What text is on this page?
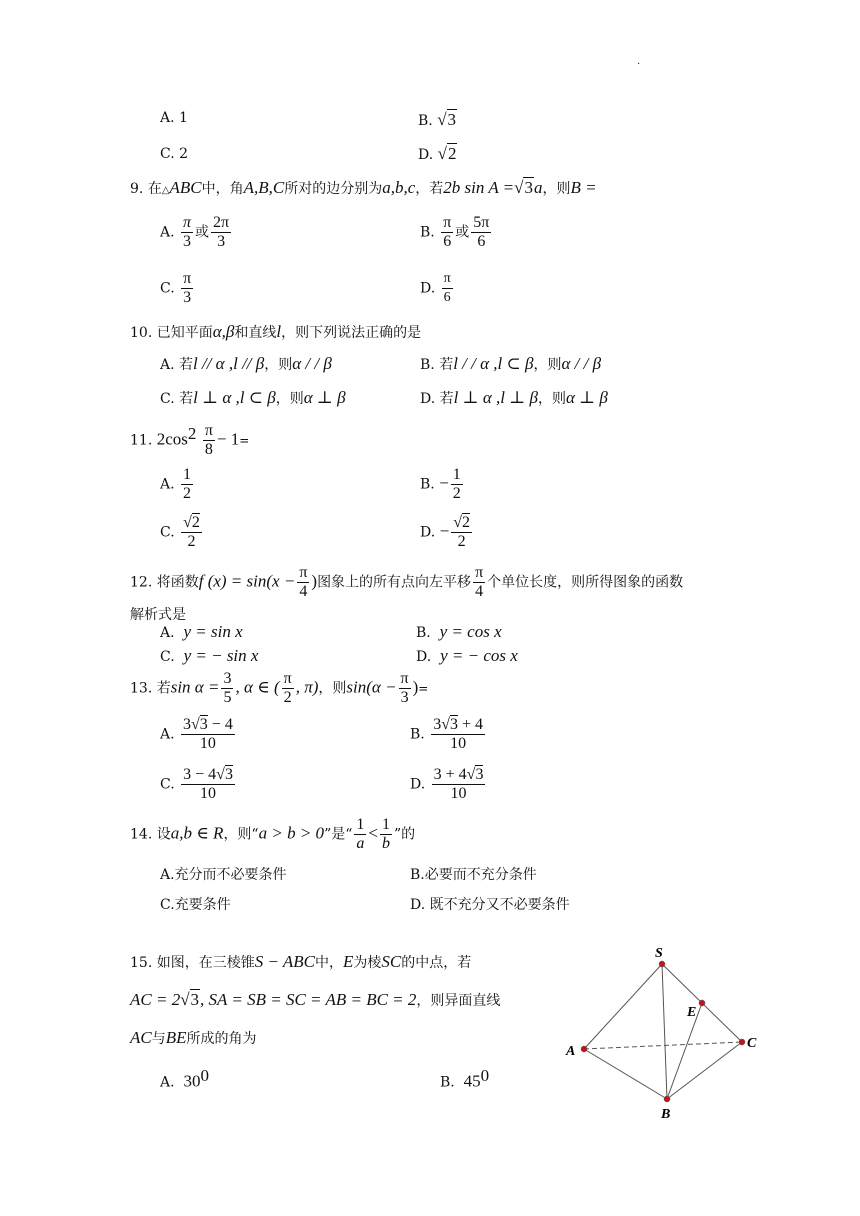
.
A. 1	B. √3
C. 2	D. √2
9. 在△ABC中，角A,B,C所对的边分别为a,b,c，若2b sin A =√3a，则B =
A. $\frac{\pi}{3}$ 或 $\frac{2\pi}{3}$	B. $\frac{\pi}{6}$ 或 $\frac{5\pi}{6}$
C. $\frac{\pi}{3}$	D. $\frac{\pi}{6}$
10. 已知平面α,β和直线l，则下列说法正确的是
A. 若l // α ,l // β，则α / / β	B. 若l / / α ,l ⊂ β，则α / / β
C. 若l ⊥ α ,l ⊂ β，则α ⊥ β	D. 若l ⊥ α ,l ⊥ β，则α ⊥ β
11. $2\cos^2 \frac{\pi}{8} - 1=$
A. $\frac{1}{2}$	B. − $\frac{1}{2}$
C. $\frac{√2}{2}$	D. − $\frac{√2}{2}$
12. 将函数f $(x) = \sin(x - \frac{\pi}{4}$ )图象上的所有点向左平移 $\frac{\pi}{4}$ 个单位长度，则所得图象的函数
解析式是
A. y = sin x	B. y = cos x
C. y = − sin x	D. y = − cos x
13. 若$\sin \alpha = \frac{3}{5}$ , α ∈ ( $\frac{\pi}{2}$ , π)，则$\sin(\alpha - \frac{\pi}{3}$ )=
A. $\frac{3√3 - 4}{10}$	B. $\frac{3√3 + 4}{10}$
C. $\frac{3 - 4√3}{10}$	D. $\frac{3 + 4√3}{10}$
14. 设a,b ∈ R，则“a > b > 0”是“ $\frac{1}{a} < \frac{1}{b}$ ”的
A.充分而不必要条件	B.必要而不充分条件
C.充要条件	D. 既不充分又不必要条件
15. 如图，在三棱锥S − ABC中，E为棱SC的中点，若
AC = 2√3, SA = SB = SC = AB = BC = 2，则异面直线
AC与BE所成的角为
A. $30^0$	B. $45^0$
S
A
B
C
E
